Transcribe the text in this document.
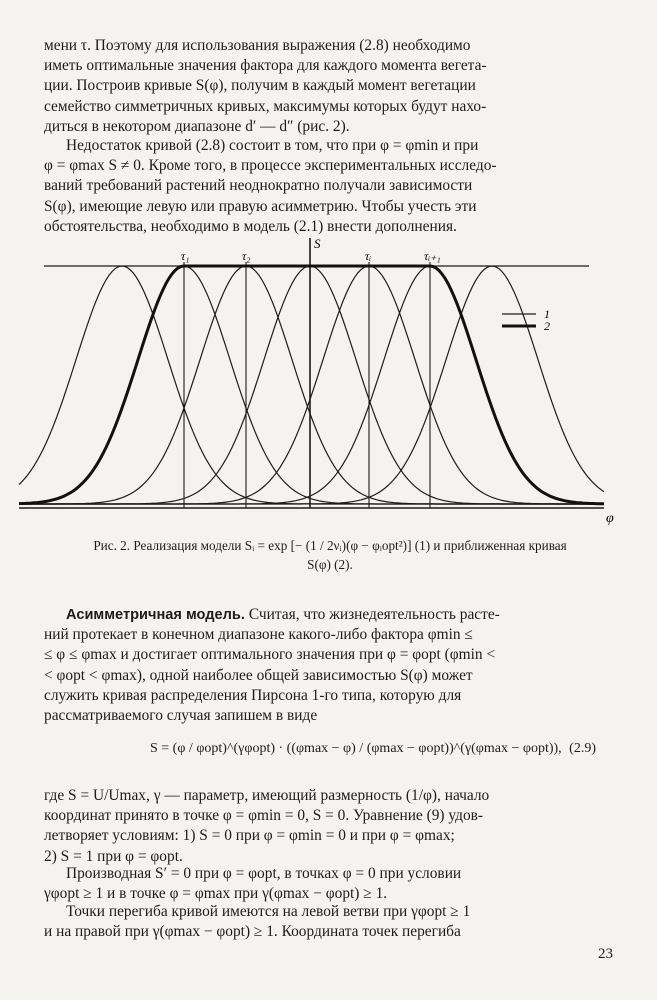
мени τ. Поэтому для использования выражения (2.8) необходимо
иметь оптимальные значения фактора для каждого момента вегета-
ции. Построив кривые S(φ), получим в каждый момент вегетации
семейство симметричных кривых, максимумы которых будут нахо-
диться в некотором диапазоне d′ — d″ (рис. 2).

Недостаток кривой (2.8) состоит в том, что при φ = φmin и при
φ = φmax S ≠ 0. Кроме того, в процессе экспериментальных исследо-
ваний требований растений неоднократно получали зависимости
S(φ), имеющие левую или правую асимметрию. Чтобы учесть эти
обстоятельства, необходимо в модель (2.1) внести дополнения.

S
φ
τ₁	τ₂	τᵢ	τᵢ₊₁
1
2
Рис. 2. Реализация модели Sᵢ = exp [− (1 / 2νᵢ)(φ − φᵢopt²)] (1) и приближенная кривая
S(φ) (2).

Асимметричная модель. Считая, что жизнедеятельность расте-
ний протекает в конечном диапазоне какого-либо фактора φmin ≤
≤ φ ≤ φmax и достигает оптимального значения при φ = φopt (φmin <
< φopt < φmax), одной наиболее общей зависимостью S(φ) может
служить кривая распределения Пирсона 1-го типа, которую для
рассматриваемого случая запишем в виде

S = (φ / φopt)^(γφopt) · ((φmax − φ) / (φmax − φopt))^(γ(φmax − φopt)), (2.9)

где S = U/Umax, γ — параметр, имеющий размерность (1/φ), начало
координат принято в точке φ = φmin = 0, S = 0. Уравнение (9) удов-
летворяет условиям: 1) S = 0 при φ = φmin = 0 и при φ = φmax;
2) S = 1 при φ = φopt.

Производная S′ = 0 при φ = φopt, в точках φ = 0 при условии
γφopt ≥ 1 и в точке φ = φmax при γ(φmax − φopt) ≥ 1.

Точки перегиба кривой имеются на левой ветви при γφopt ≥ 1
и на правой при γ(φmax − φopt) ≥ 1. Координата точек перегиба

23
